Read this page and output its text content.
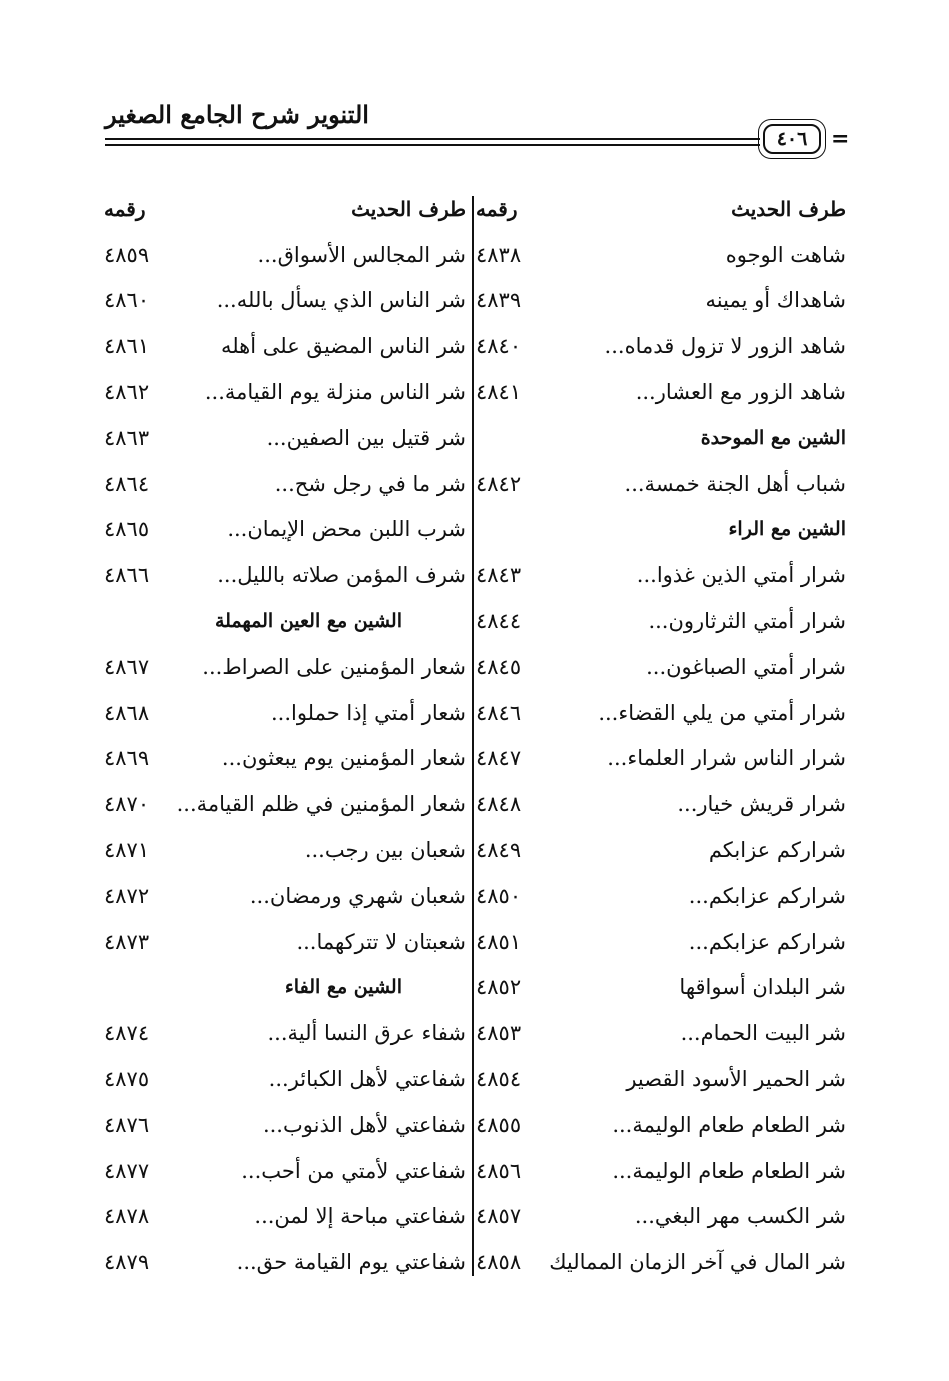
التنوير شرح الجامع الصغير
٤٠٦	=
طرف الحديث
رقمه
شاهت الوجوه
٤٨٣٨
شاهداك أو يمينه
٤٨٣٩
شاهد الزور لا تزول قدماه...
٤٨٤٠
شاهد الزور مع العشار...
٤٨٤١
الشين مع الموحدة
شباب أهل الجنة خمسة...
٤٨٤٢
الشين مع الراء
شرار أمتي الذين غذوا...
٤٨٤٣
شرار أمتي الثرثارون...
٤٨٤٤
شرار أمتي الصباغون...
٤٨٤٥
شرار أمتي من يلي القضاء...
٤٨٤٦
شرار الناس شرار العلماء...
٤٨٤٧
شرار قريش خيار...
٤٨٤٨
شراركم عزابكم
٤٨٤٩
شراركم عزابكم...
٤٨٥٠
شراركم عزابكم...
٤٨٥١
شر البلدان أسواقها
٤٨٥٢
شر البيت الحمام...
٤٨٥٣
شر الحمير الأسود القصير
٤٨٥٤
شر الطعام طعام الوليمة...
٤٨٥٥
شر الطعام طعام الوليمة...
٤٨٥٦
شر الكسب مهر البغي...
٤٨٥٧
شر المال في آخر الزمان المماليك
٤٨٥٨
طرف الحديث
رقمه
شر المجالس الأسواق...
٤٨٥٩
شر الناس الذي يسأل بالله...
٤٨٦٠
شر الناس المضيق على أهله
٤٨٦١
شر الناس منزلة يوم القيامة...
٤٨٦٢
شر قتيل بين الصفين...
٤٨٦٣
شر ما في رجل شح...
٤٨٦٤
شرب اللبن محض الإيمان...
٤٨٦٥
شرف المؤمن صلاته بالليل...
٤٨٦٦
الشين مع العين المهملة
شعار المؤمنين على الصراط...
٤٨٦٧
شعار أمتي إذا حملوا...
٤٨٦٨
شعار المؤمنين يوم يبعثون...
٤٨٦٩
شعار المؤمنين في ظلم القيامة...
٤٨٧٠
شعبان بين رجب...
٤٨٧١
شعبان شهري ورمضان...
٤٨٧٢
شعبتان لا تتركهما...
٤٨٧٣
الشين مع الفاء
شفاء عرق النسا ألية...
٤٨٧٤
شفاعتي لأهل الكبائر...
٤٨٧٥
شفاعتي لأهل الذنوب...
٤٨٧٦
شفاعتي لأمتي من أحب...
٤٨٧٧
شفاعتي مباحة إلا لمن...
٤٨٧٨
شفاعتي يوم القيامة حق...
٤٨٧٩
